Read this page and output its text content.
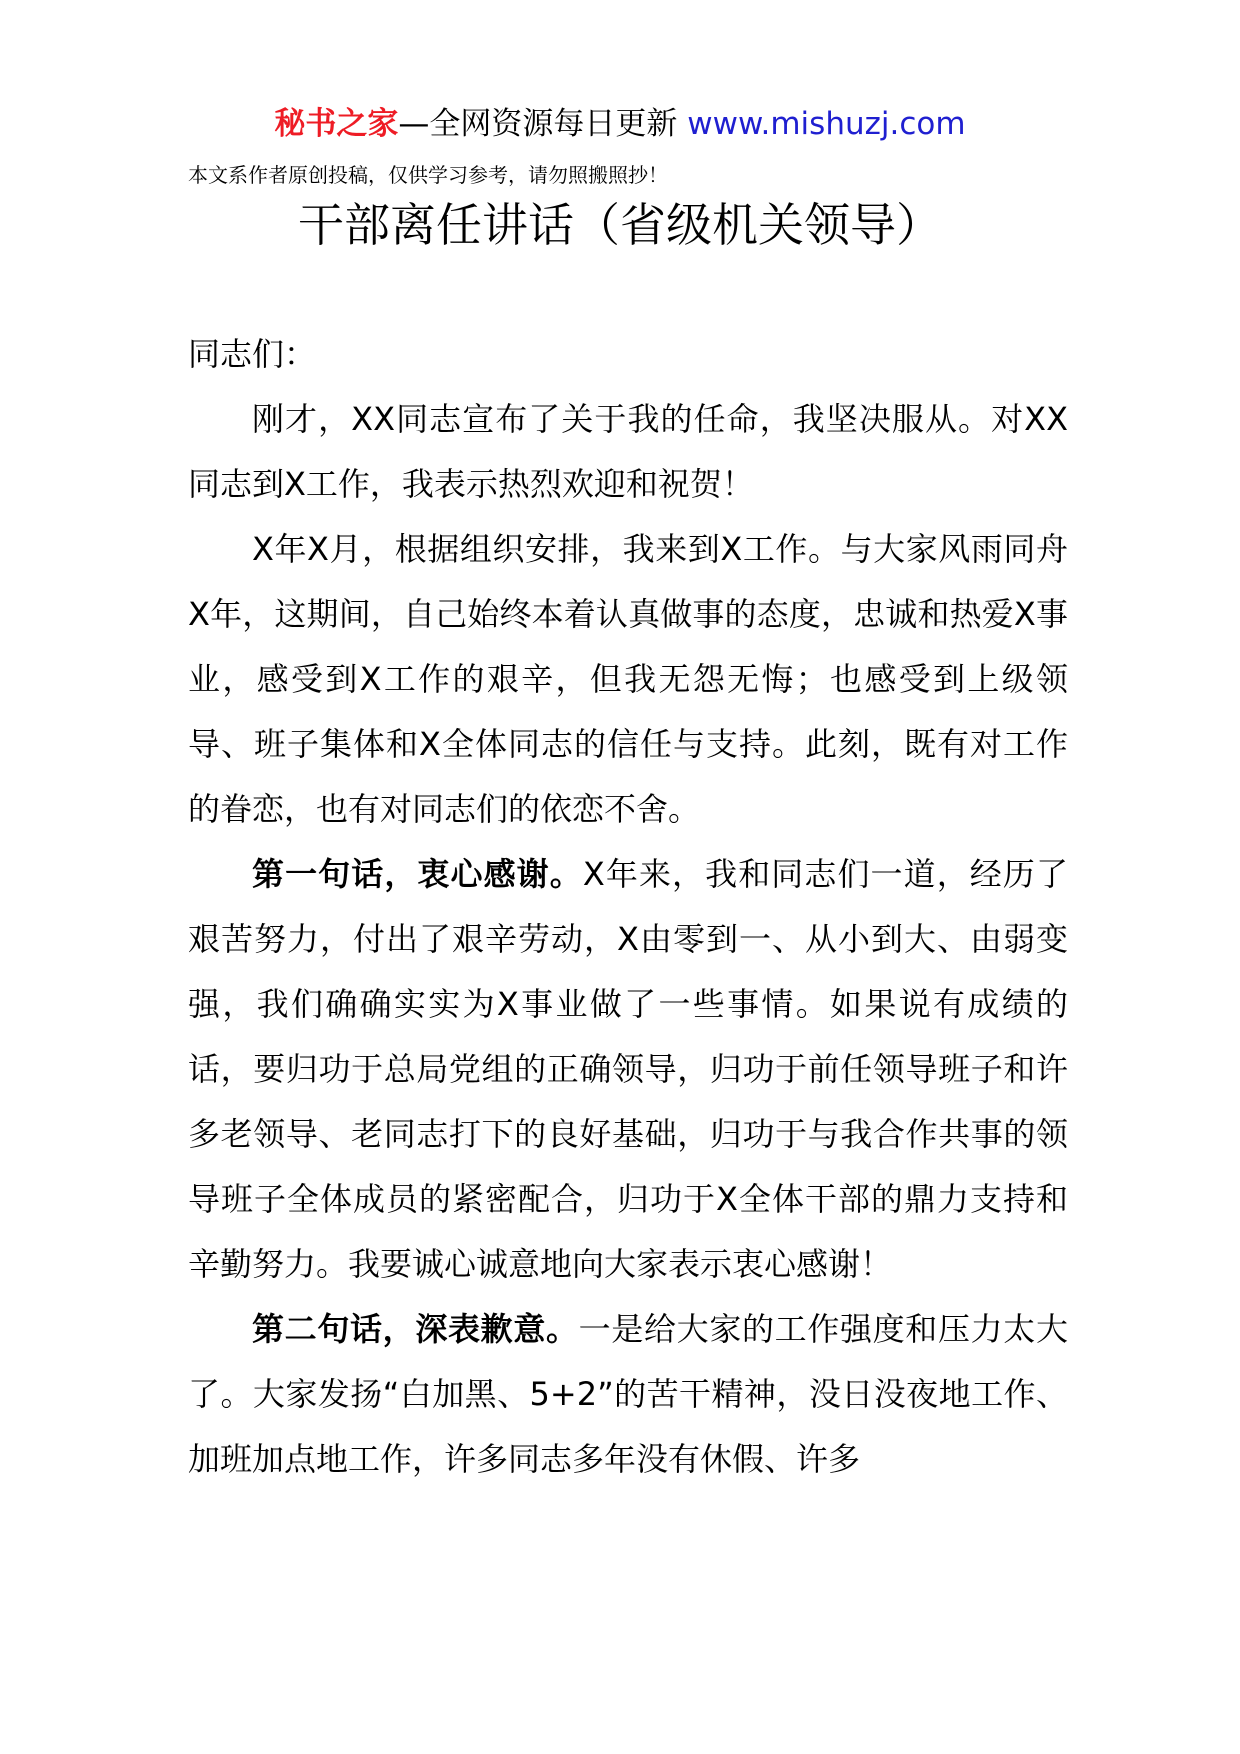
秘书之家—全网资源每日更新 www.mishuzj.com
本文系作者原创投稿，仅供学习参考，请勿照搬照抄！
干部离任讲话（省级机关领导）

同志们：

刚才，XX同志宣布了关于我的任命，我坚决服从。对XX同志到X工作，我表示热烈欢迎和祝贺！

X年X月，根据组织安排，我来到X工作。与大家风雨同舟X年，这期间，自己始终本着认真做事的态度，忠诚和热爱X事业，感受到X工作的艰辛，但我无怨无悔；也感受到上级领导、班子集体和X全体同志的信任与支持。此刻，既有对工作的眷恋，也有对同志们的依恋不舍。

第一句话，衷心感谢。X年来，我和同志们一道，经历了艰苦努力，付出了艰辛劳动，X由零到一、从小到大、由弱变强，我们确确实实为X事业做了一些事情。如果说有成绩的话，要归功于总局党组的正确领导，归功于前任领导班子和许多老领导、老同志打下的良好基础，归功于与我合作共事的领导班子全体成员的紧密配合，归功于X全体干部的鼎力支持和辛勤努力。我要诚心诚意地向大家表示衷心感谢！

第二句话，深表歉意。一是给大家的工作强度和压力太大了。大家发扬“白加黑、5+2”的苦干精神，没日没夜地工作、加班加点地工作，许多同志多年没有休假、许多
